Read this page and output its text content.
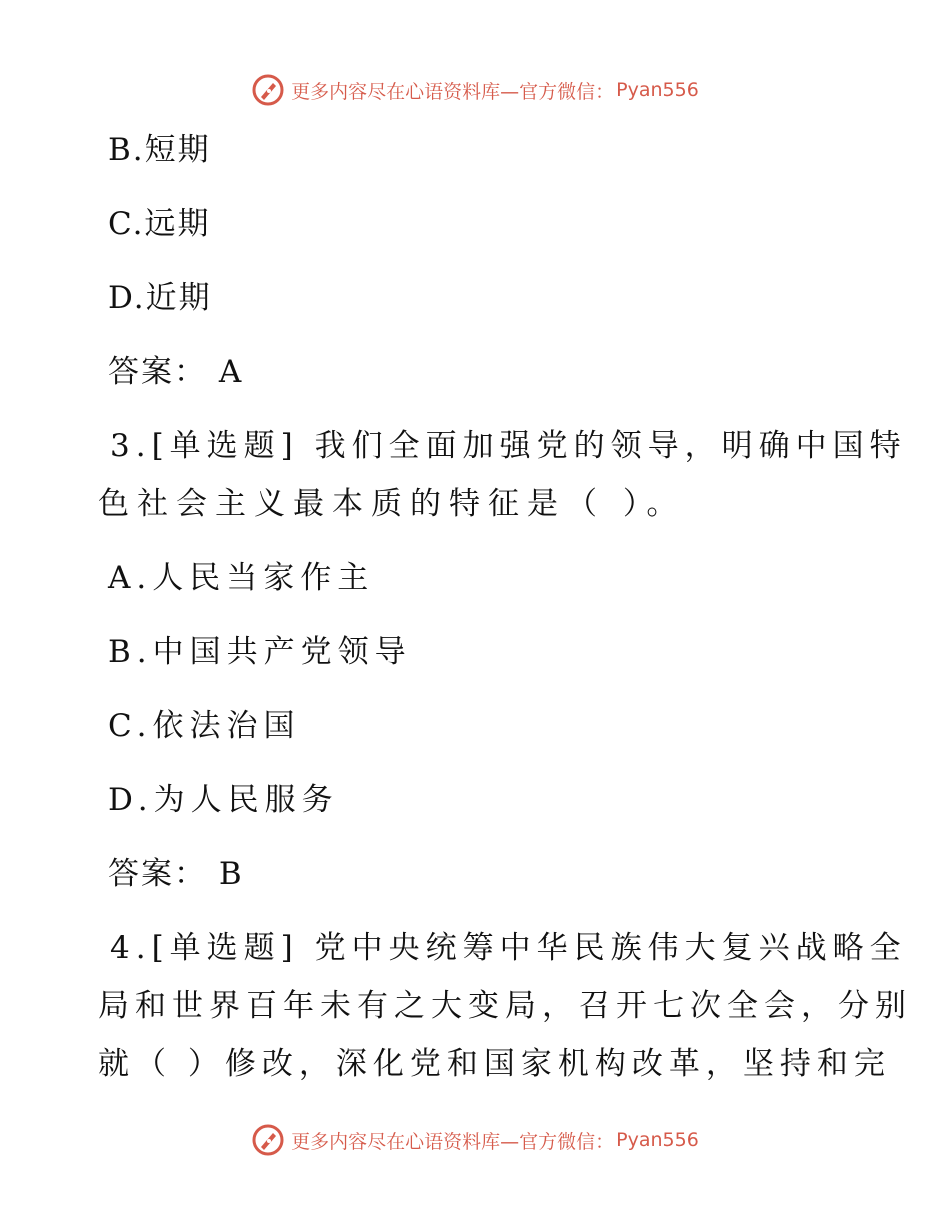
更多内容尽在心语资料库—官方微信： Pyan556
B.短期
C.远期
D.近期
答案： A
3.[单选题] 我们全面加强党的领导，明确中国特
色社会主义最本质的特征是（ ）。
A.人民当家作主
B.中国共产党领导
C.依法治国
D.为人民服务
答案： B
4.[单选题] 党中央统筹中华民族伟大复兴战略全
局和世界百年未有之大变局，召开七次全会，分别
就（ ）修改，深化党和国家机构改革，坚持和完
更多内容尽在心语资料库—官方微信： Pyan556
